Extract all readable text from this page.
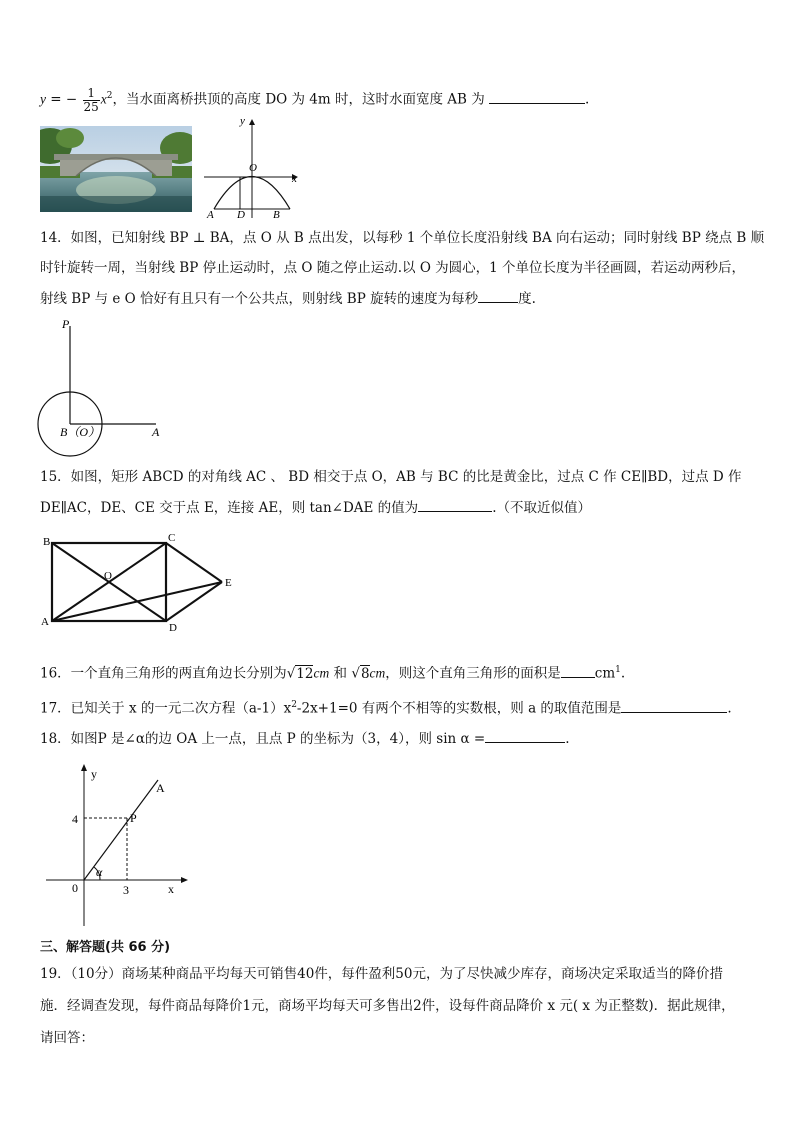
y = − $\frac{1}{25} x^2$，当水面离桥拱顶的高度 DO 为 4m 时，这时水面宽度 AB 为	.
y
x
O
A D	B
14．如图，已知射线 BP ⊥ BA，点 O 从 B 点出发，以每秒 1 个单位长度沿射线 BA 向右运动；同时射线 BP 绕点 B 顺
时针旋转一周，当射线 BP 停止运动时，点 O 随之停止运动.以 O 为圆心，1 个单位长度为半径画圆，若运动两秒后，
射线 BP 与 e O 恰好有且只有一个公共点，则射线 BP 旋转的速度为每秒	度.
P
B（O）	A
15．如图，矩形 ABCD 的对角线 AC 、 BD 相交于点 O，AB 与 BC 的比是黄金比，过点 C 作 CE∥BD，过点 D 作
DE∥AC，DE、CE 交于点 E，连接 AE，则 tan∠DAE 的值为	.（不取近似值）
B	C
O
E
A	D
16．一个直角三角形的两直角边长分别为√12cm 和 √8cm，则这个直角三角形的面积是	$cm^1$.
17．已知关于 x 的一元二次方程$(a-1)x^2-2x+1=0$ 有两个不相等的实数根，则 a 的取值范围是	.
18．如图P 是∠α的边 OA 上一点，且点 P 的坐标为（3，4），则 sin α =	.
y
A
4	P
0
α
3	x
三、解答题(共 66 分)
19．（10分）商场某种商品平均每天可销售40件，每件盈利50元，为了尽快减少库存，商场决定采取适当的降价措
施．经调查发现，每件商品每降价1元，商场平均每天可多售出2件，设每件商品降价 x 元( x 为正整数)．据此规律，
请回答：
